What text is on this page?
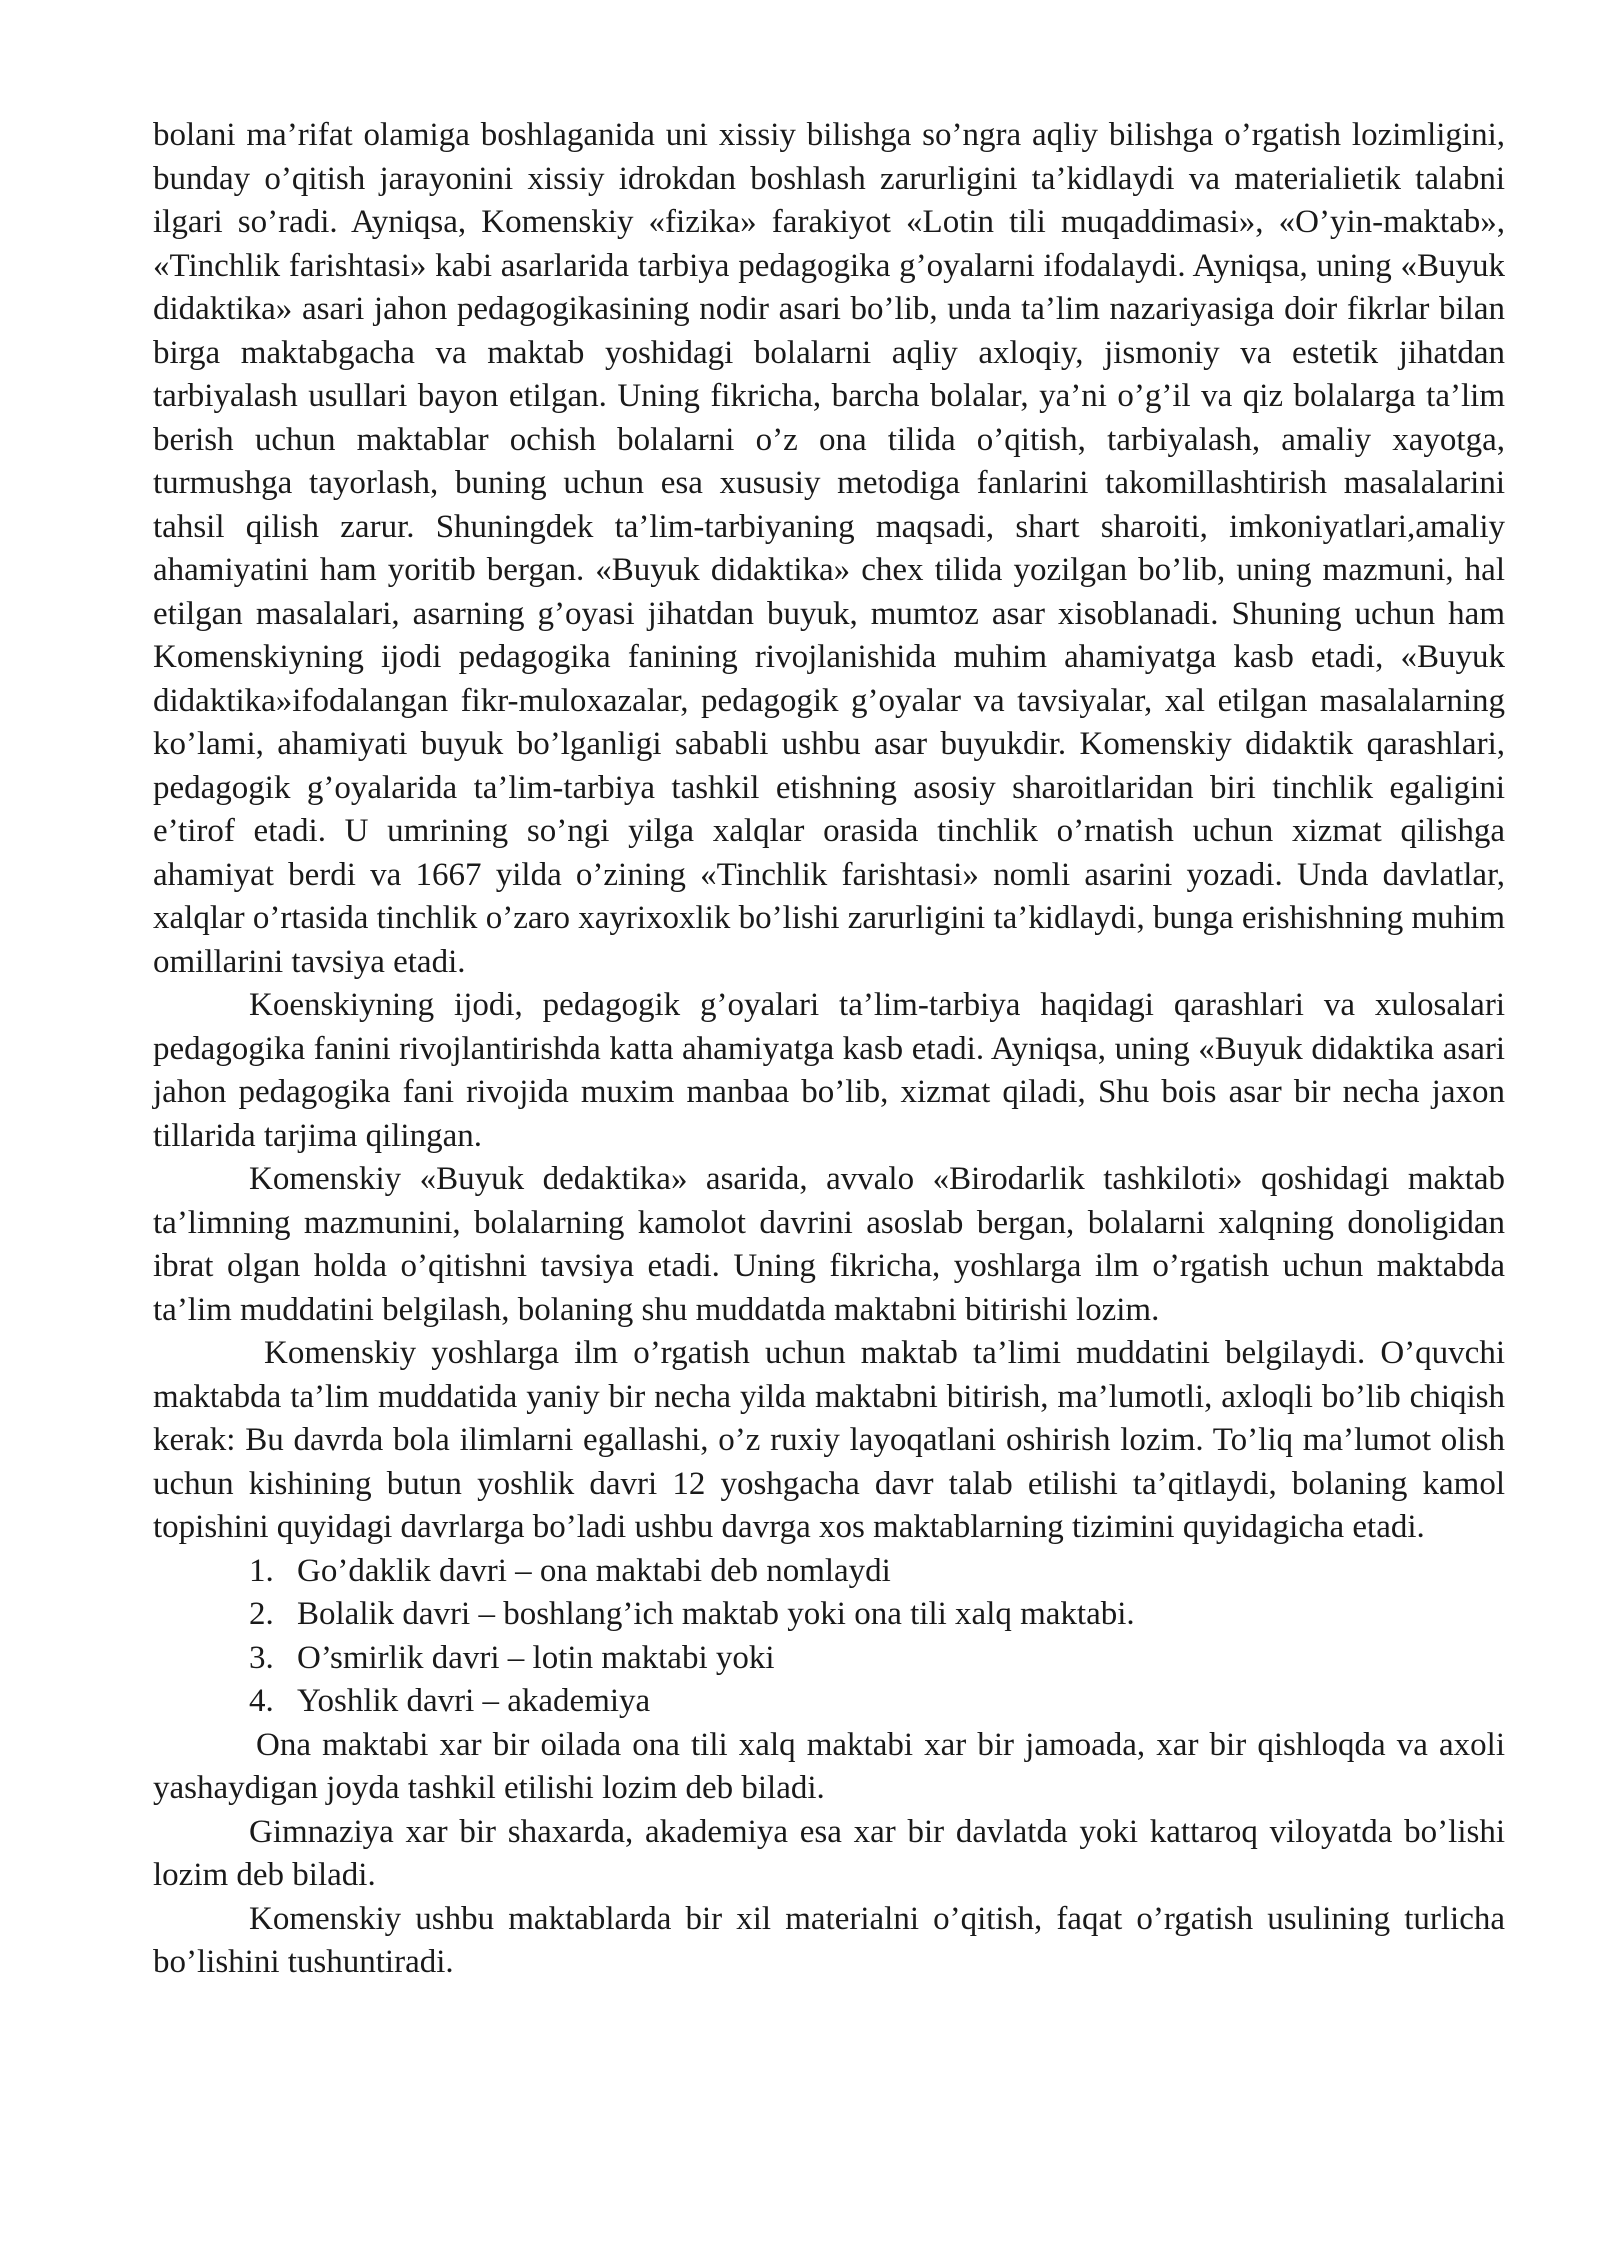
bolani ma’rifat olamiga boshlaganida uni xissiy bilishga so’ngra aqliy bilishga o’rgatish lozimligini, bunday o’qitish jarayonini xissiy idrokdan boshlash zarurligini ta’kidlaydi va materialietik talabni ilgari so’radi. Ayniqsa, Komenskiy «fizika» farakiyot «Lotin tili muqaddimasi», «O’yin-maktab», «Tinchlik farishtasi» kabi asarlarida tarbiya pedagogika g’oyalarni ifodalaydi. Ayniqsa, uning «Buyuk didaktika» asari jahon pedagogikasining nodir asari bo’lib, unda ta’lim nazariyasiga doir fikrlar bilan birga maktabgacha va maktab yoshidagi bolalarni aqliy axloqiy, jismoniy va estetik jihatdan tarbiyalash usullari bayon etilgan. Uning fikricha, barcha bolalar, ya’ni o’g’il va qiz bolalarga ta’lim berish uchun maktablar ochish bolalarni o’z ona tilida o’qitish, tarbiyalash, amaliy xayotga, turmushga tayorlash, buning uchun esa xususiy metodiga fanlarini takomillashtirish masalalarini tahsil qilish zarur. Shuningdek ta’lim-tarbiyaning maqsadi, shart sharoiti, imkoniyatlari,amaliy ahamiyatini ham yoritib bergan. «Buyuk didaktika» chex tilida yozilgan bo’lib, uning mazmuni, hal etilgan masalalari, asarning g’oyasi jihatdan buyuk, mumtoz asar xisoblanadi. Shuning uchun ham Komenskiyning ijodi pedagogika fanining rivojlanishida muhim ahamiyatga kasb etadi, «Buyuk didaktika»ifodalangan fikr-muloxazalar, pedagogik g’oyalar va tavsiyalar, xal etilgan masalalarning ko’lami, ahamiyati buyuk bo’lganligi sababli ushbu asar buyukdir. Komenskiy didaktik qarashlari, pedagogik g’oyalarida ta’lim-tarbiya tashkil etishning asosiy sharoitlaridan biri tinchlik egaligini e’tirof etadi. U umrining so’ngi yilga xalqlar orasida tinchlik o’rnatish uchun xizmat qilishga ahamiyat berdi va 1667 yilda o’zining «Tinchlik farishtasi» nomli asarini yozadi. Unda davlatlar, xalqlar o’rtasida tinchlik o’zaro xayrixoxlik bo’lishi zarurligini ta’kidlaydi, bunga erishishning muhim omillarini tavsiya etadi.

Koenskiyning ijodi, pedagogik g’oyalari ta’lim-tarbiya haqidagi qarashlari va xulosalari pedagogika fanini rivojlantirishda katta ahamiyatga kasb etadi. Ayniqsa, uning «Buyuk didaktika asari jahon pedagogika fani rivojida muxim manbaa bo’lib, xizmat qiladi, Shu bois asar bir necha jaxon tillarida tarjima qilingan.

Komenskiy «Buyuk dedaktika» asarida, avvalo «Birodarlik tashkiloti» qoshidagi maktab ta’limning mazmunini, bolalarning kamolot davrini asoslab bergan, bolalarni xalqning donoligidan ibrat olgan holda o’qitishni tavsiya etadi. Uning fikricha, yoshlarga ilm o’rgatish uchun maktabda ta’lim muddatini belgilash, bolaning shu muddatda maktabni bitirishi lozim.

Komenskiy yoshlarga ilm o’rgatish uchun maktab ta’limi muddatini belgilaydi. O’quvchi maktabda ta’lim muddatida yaniy bir necha yilda maktabni bitirish, ma’lumotli, axloqli bo’lib chiqish kerak: Bu davrda bola ilimlarni egallashi, o’z ruxiy layoqatlani oshirish lozim. To’liq ma’lumot olish uchun kishining butun yoshlik davri 12 yoshgacha davr talab etilishi ta’qitlaydi, bolaning kamol topishini quyidagi davrlarga bo’ladi ushbu davrga xos maktablarning tizimini quyidagicha etadi.

1. Go’daklik davri – ona maktabi deb nomlaydi
2. Bolalik davri – boshlang’ich maktab yoki ona tili xalq maktabi.
3. O’smirlik davri – lotin maktabi yoki
4. Yoshlik davri – akademiya

Ona maktabi xar bir oilada ona tili xalq maktabi xar bir jamoada, xar bir qishloqda va axoli yashaydigan joyda tashkil etilishi lozim deb biladi.

Gimnaziya xar bir shaxarda, akademiya esa xar bir davlatda yoki kattaroq viloyatda bo’lishi lozim deb biladi.

Komenskiy ushbu maktablarda bir xil materialni o’qitish, faqat o’rgatish usulining turlicha bo’lishini tushuntiradi.
